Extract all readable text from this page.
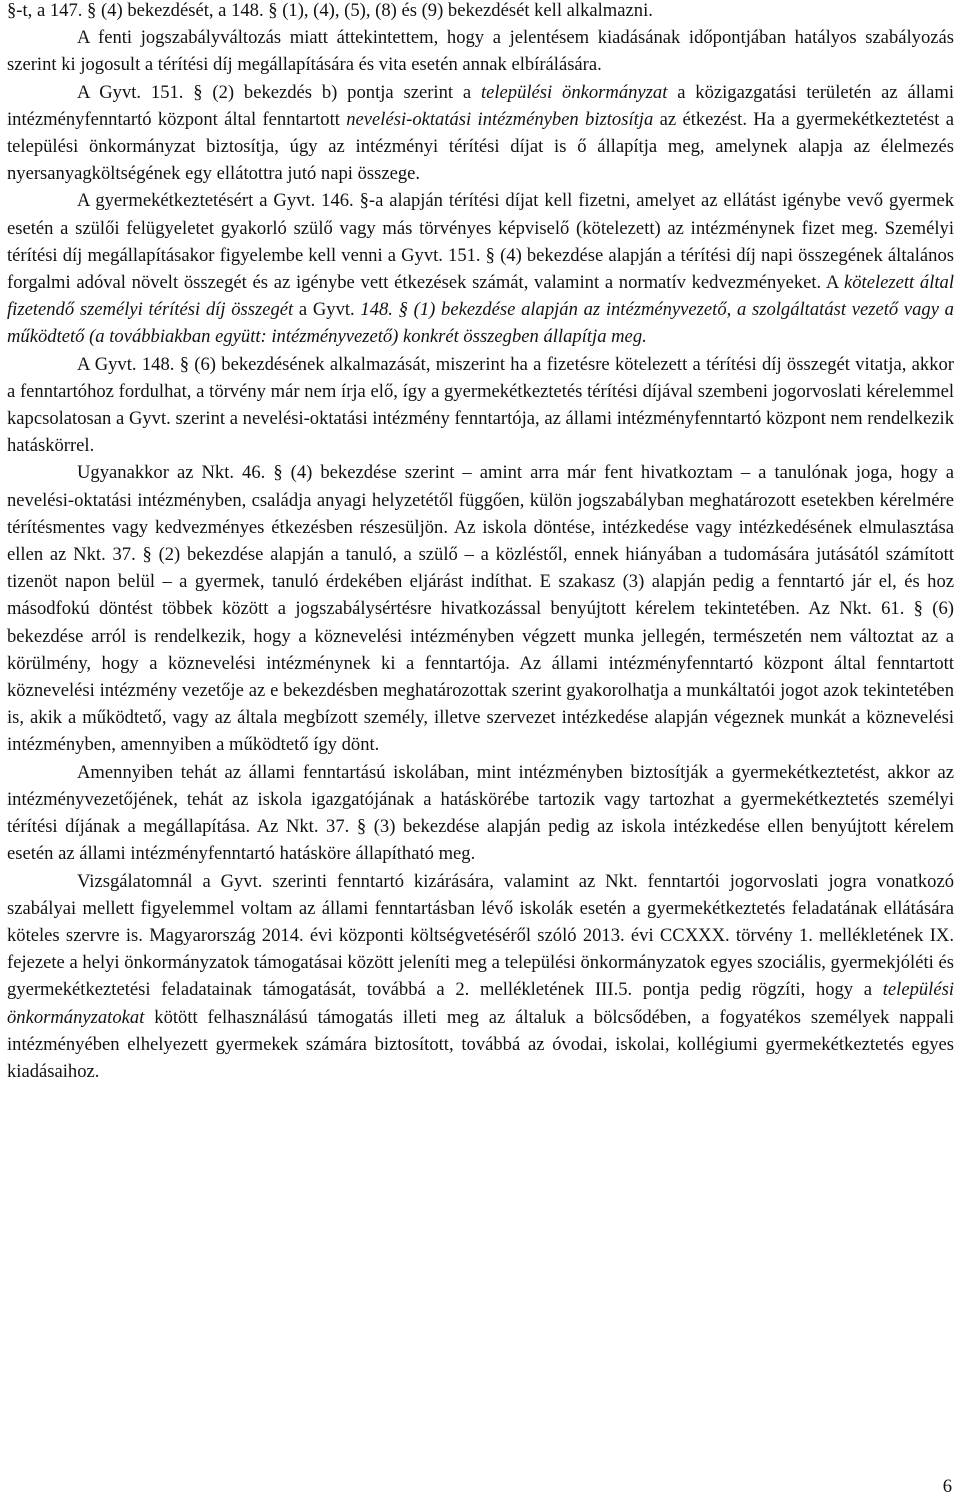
§-t, a 147. § (4) bekezdését, a 148. § (1), (4), (5), (8) és (9) bekezdését kell alkalmazni.

A fenti jogszabályváltozás miatt áttekintettem, hogy a jelentésem kiadásának időpontjában hatályos szabályozás szerint ki jogosult a térítési díj megállapítására és vita esetén annak elbírálására.

A Gyvt. 151. § (2) bekezdés b) pontja szerint a települési önkormányzat a közigazgatási területén az állami intézményfenntartó központ által fenntartott nevelési-oktatási intézményben biztosítja az étkezést. Ha a gyermekétkeztetést a települési önkormányzat biztosítja, úgy az intézményi térítési díjat is ő állapítja meg, amelynek alapja az élelmezés nyersanyagköltségének egy ellátottra jutó napi összege.

A gyermekétkeztetésért a Gyvt. 146. §-a alapján térítési díjat kell fizetni, amelyet az ellátást igénybe vevő gyermek esetén a szülői felügyeletet gyakorló szülő vagy más törvényes képviselő (kötelezett) az intézménynek fizet meg. Személyi térítési díj megállapításakor figyelembe kell venni a Gyvt. 151. § (4) bekezdése alapján a térítési díj napi összegének általános forgalmi adóval növelt összegét és az igénybe vett étkezések számát, valamint a normatív kedvezményeket. A kötelezett által fizetendő személyi térítési díj összegét a Gyvt. 148. § (1) bekezdése alapján az intézményvezető, a szolgáltatást vezető vagy a működtető (a továbbiakban együtt: intézményvezető) konkrét összegben állapítja meg.

A Gyvt. 148. § (6) bekezdésének alkalmazását, miszerint ha a fizetésre kötelezett a térítési díj összegét vitatja, akkor a fenntartóhoz fordulhat, a törvény már nem írja elő, így a gyermekétkeztetés térítési díjával szembeni jogorvoslati kérelemmel kapcsolatosan a Gyvt. szerint a nevelési-oktatási intézmény fenntartója, az állami intézményfenntartó központ nem rendelkezik hatáskörrel.

Ugyanakkor az Nkt. 46. § (4) bekezdése szerint – amint arra már fent hivatkoztam – a tanulónak joga, hogy a nevelési-oktatási intézményben, családja anyagi helyzetétől függően, külön jogszabályban meghatározott esetekben kérelmére térítésmentes vagy kedvezményes étkezésben részesüljön. Az iskola döntése, intézkedése vagy intézkedésének elmulasztása ellen az Nkt. 37. § (2) bekezdése alapján a tanuló, a szülő – a közléstől, ennek hiányában a tudomására jutásától számított tizenöt napon belül – a gyermek, tanuló érdekében eljárást indíthat. E szakasz (3) alapján pedig a fenntartó jár el, és hoz másodfokú döntést többek között a jogszabálysértésre hivatkozással benyújtott kérelem tekintetében. Az Nkt. 61. § (6) bekezdése arról is rendelkezik, hogy a köznevelési intézményben végzett munka jellegén, természetén nem változtat az a körülmény, hogy a köznevelési intézménynek ki a fenntartója. Az állami intézményfenntartó központ által fenntartott köznevelési intézmény vezetője az e bekezdésben meghatározottak szerint gyakorolhatja a munkáltatói jogot azok tekintetében is, akik a működtető, vagy az általa megbízott személy, illetve szervezet intézkedése alapján végeznek munkát a köznevelési intézményben, amennyiben a működtető így dönt.

Amennyiben tehát az állami fenntartású iskolában, mint intézményben biztosítják a gyermekétkeztetést, akkor az intézményvezetőjének, tehát az iskola igazgatójának a hatáskörébe tartozik vagy tartozhat a gyermekétkeztetés személyi térítési díjának a megállapítása. Az Nkt. 37. § (3) bekezdése alapján pedig az iskola intézkedése ellen benyújtott kérelem esetén az állami intézményfenntartó hatásköre állapítható meg.

Vizsgálatomnál a Gyvt. szerinti fenntartó kizárására, valamint az Nkt. fenntartói jogorvoslati jogra vonatkozó szabályai mellett figyelemmel voltam az állami fenntartásban lévő iskolák esetén a gyermekétkeztetés feladatának ellátására köteles szervre is. Magyarország 2014. évi központi költségvetéséről szóló 2013. évi CCXXX. törvény 1. mellékletének IX. fejezete a helyi önkormányzatok támogatásai között jeleníti meg a települési önkormányzatok egyes szociális, gyermekjóléti és gyermekétkeztetési feladatainak támogatását, továbbá a 2. mellékletének III.5. pontja pedig rögzíti, hogy a települési önkormányzatokat kötött felhasználású támogatás illeti meg az általuk a bölcsődében, a fogyatékos személyek nappali intézményében elhelyezett gyermekek számára biztosított, továbbá az óvodai, iskolai, kollégiumi gyermekétkeztetés egyes kiadásaihoz.

6
